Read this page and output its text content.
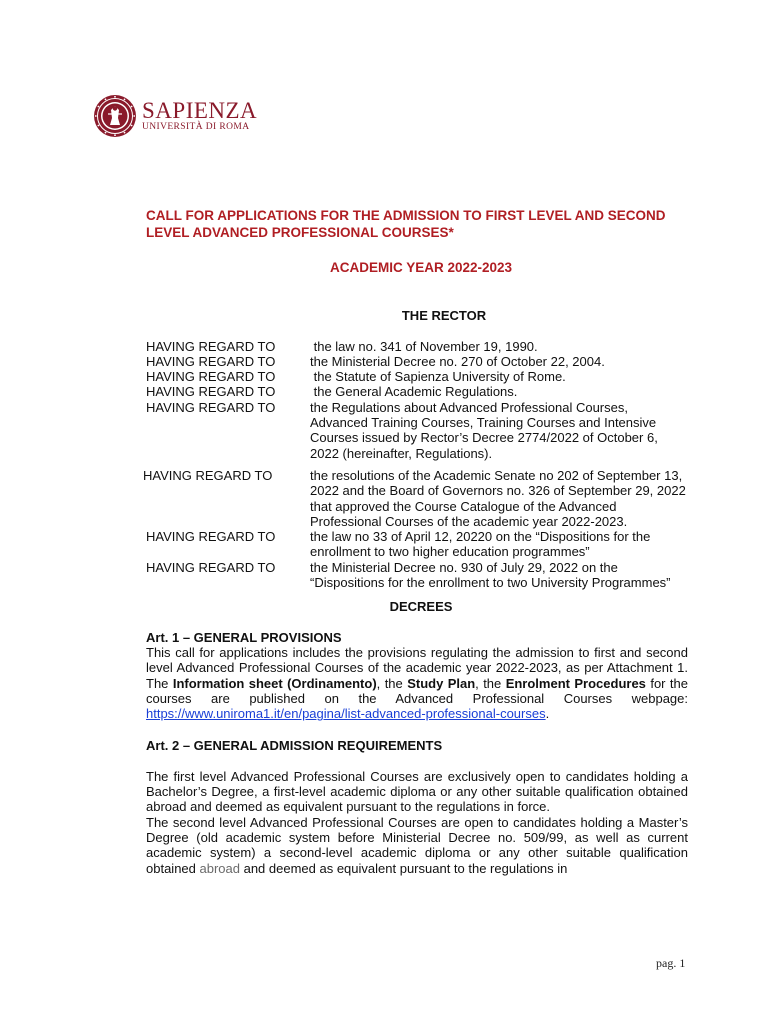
SAPIENZA
UNIVERSITÀ DI ROMA
CALL FOR APPLICATIONS FOR THE ADMISSION TO FIRST LEVEL AND SECOND LEVEL ADVANCED PROFESSIONAL COURSES*
ACADEMIC YEAR 2022-2023
THE RECTOR
HAVING REGARD TO	the law no. 341 of November 19, 1990.
HAVING REGARD TO	the Ministerial Decree no. 270 of October 22, 2004.
HAVING REGARD TO	the Statute of Sapienza University of Rome.
HAVING REGARD TO	the General Academic Regulations.
HAVING REGARD TO	the Regulations about Advanced Professional Courses, Advanced Training Courses, Training Courses and Intensive Courses issued by Rector’s Decree 2774/2022 of October 6, 2022 (hereinafter, Regulations).
HAVING REGARD TO	the resolutions of the Academic Senate no 202 of September 13, 2022 and the Board of Governors no. 326 of September 29, 2022 that approved the Course Catalogue of the Advanced Professional Courses of the academic year 2022-2023.
HAVING REGARD TO	the law no 33 of April 12, 20220 on the “Dispositions for the enrollment to two higher education programmes”
HAVING REGARD TO	the Ministerial Decree no. 930 of July 29, 2022 on the “Dispositions for the enrollment to two University Programmes”
DECREES
Art. 1 – GENERAL PROVISIONS

This call for applications includes the provisions regulating the admission to first and second level Advanced Professional Courses of the academic year 2022-2023, as per Attachment 1. The Information sheet (Ordinamento), the Study Plan, the Enrolment Procedures for the courses are published on the Advanced Professional Courses webpage:  https://www.uniroma1.it/en/pagina/list-advanced-professional-courses.

Art. 2 – GENERAL ADMISSION REQUIREMENTS

The first level Advanced Professional Courses are exclusively open to candidates holding a Bachelor’s Degree, a first-level academic diploma or any other suitable qualification obtained abroad and deemed as equivalent pursuant to the regulations in force.

The second level Advanced Professional Courses are open to candidates holding a Master’s Degree (old academic system before Ministerial Decree no. 509/99, as well as current academic system) a second-level academic diploma or any other suitable qualification obtained abroad and deemed as equivalent pursuant to the regulations in

pag. 1
